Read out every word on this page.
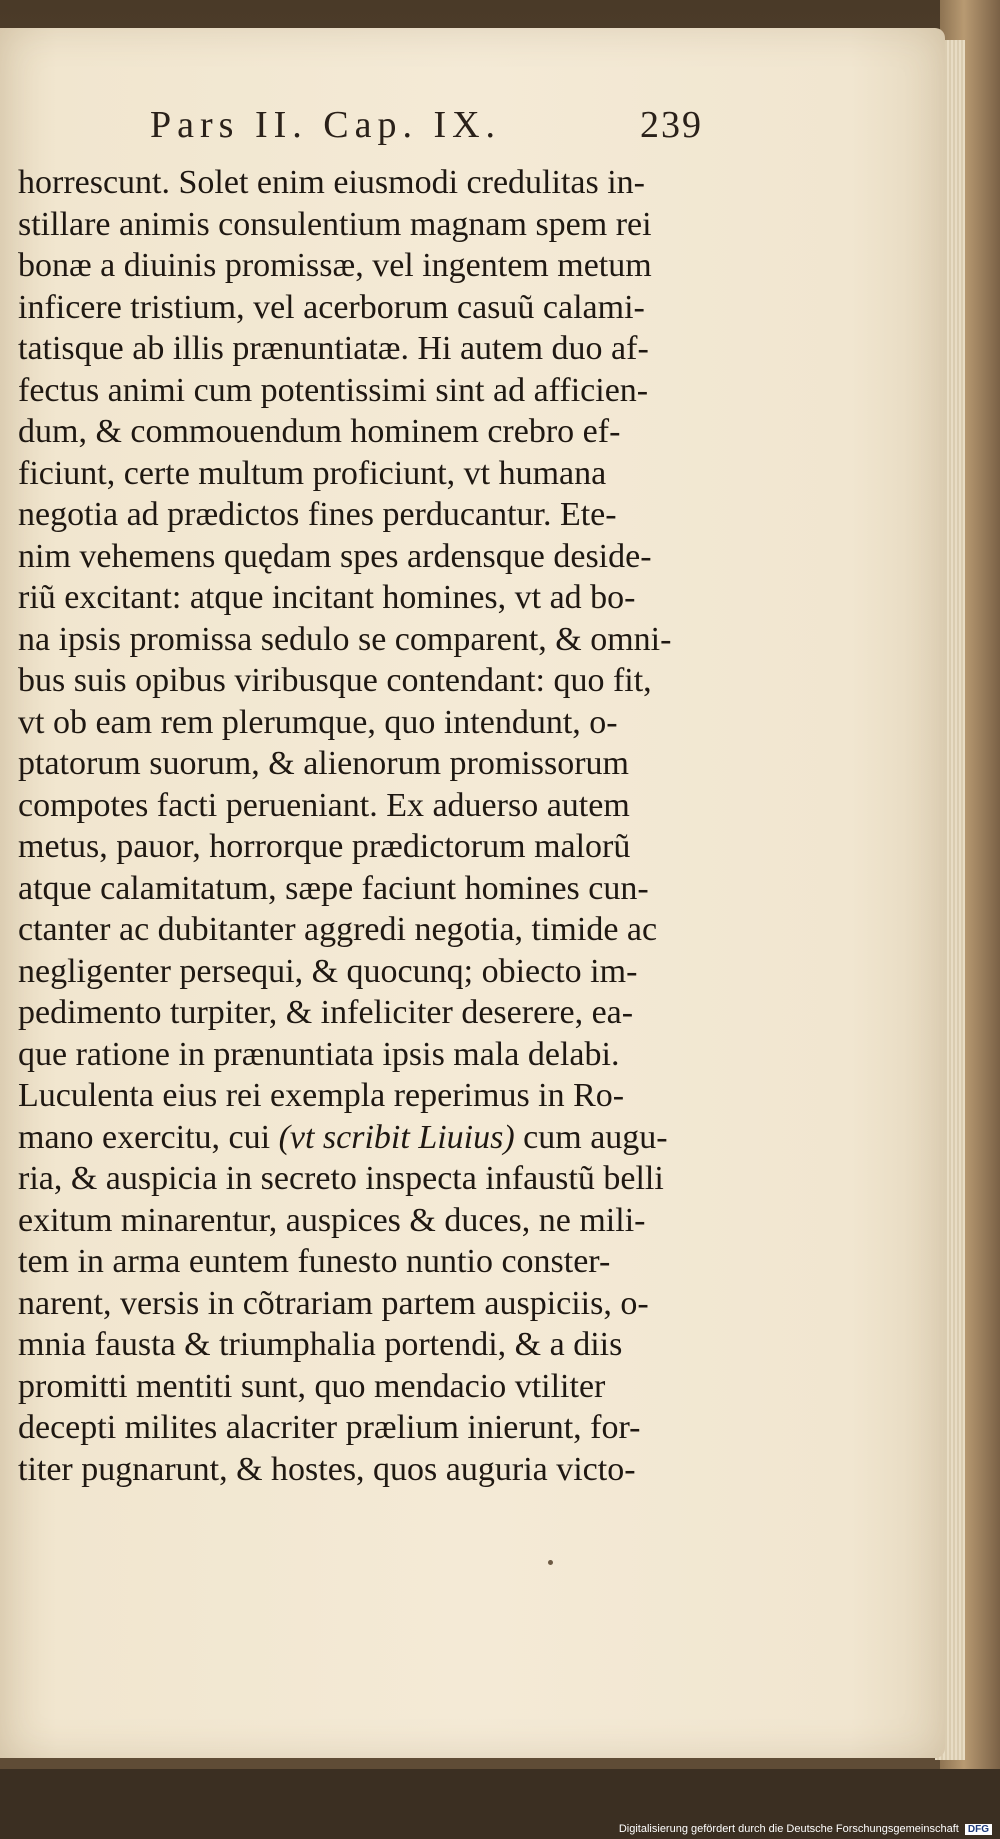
Pars II. Cap. IX.	239
horrescunt. Solet enim eiusmodi credulitas in-
stillare animis consulentium magnam spem rei
bonæ a diuinis promissæ, vel ingentem metum
inficere tristium, vel acerborum casuũ calami-
tatisque ab illis prænuntiatæ. Hi autem duo af-
fectus animi cum potentissimi sint ad afficien-
dum, & commouendum hominem crebro ef-
ficiunt, certe multum proficiunt, vt humana
negotia ad prædictos fines perducantur. Ete-
nim vehemens quędam spes ardensque deside-
riũ excitant: atque incitant homines, vt ad bo-
na ipsis promissa sedulo se comparent, & omni-
bus suis opibus viribusque contendant: quo fit,
vt ob eam rem plerumque, quo intendunt, o-
ptatorum suorum, & alienorum promissorum
compotes facti perueniant. Ex aduerso autem
metus, pauor, horrorque prædictorum malorũ
atque calamitatum, sæpe faciunt homines cun-
ctanter ac dubitanter aggredi negotia, timide ac
negligenter persequi, & quocunq; obiecto im-
pedimento turpiter, & infeliciter deserere, ea-
que ratione in prænuntiata ipsis mala delabi.
Luculenta eius rei exempla reperimus in Ro-
mano exercitu, cui (vt scribit Liuius) cum augu-
ria, & auspicia in secreto inspecta infaustũ belli
exitum minarentur, auspices & duces, ne mili-
tem in arma euntem funesto nuntio conster-
narent, versis in cõtrariam partem auspiciis, o-
mnia fausta & triumphalia portendi, & a diis
promitti mentiti sunt, quo mendacio vtiliter
decepti milites alacriter prælium inierunt, for-
titer pugnarunt, & hostes, quos auguria victo-
Digitalisierung gefördert durch die Deutsche Forschungsgemeinschaft DFG
